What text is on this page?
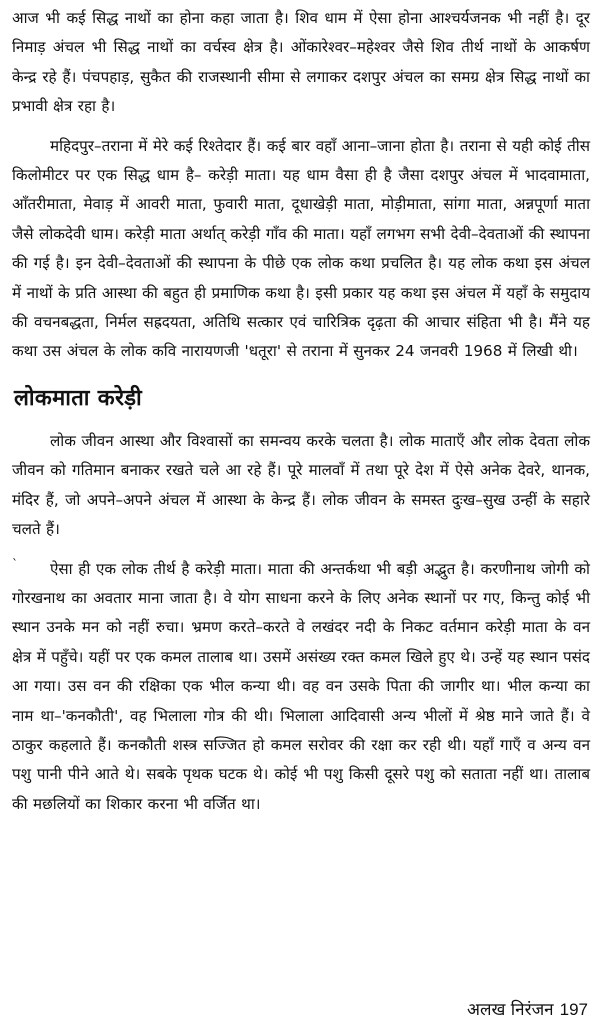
आज भी कई सिद्ध नाथों का होना कहा जाता है। शिव धाम में ऐसा होना आश्चर्यजनक भी नहीं है। दूर निमाड़ अंचल भी सिद्ध नाथों का वर्चस्व क्षेत्र है। ओंकारेश्वर–महेश्वर जैसे शिव तीर्थ नाथों के आकर्षण केन्द्र रहे हैं। पंचपहाड़, सुकैत की राजस्थानी सीमा से लगाकर दशपुर अंचल का समग्र क्षेत्र सिद्ध नाथों का प्रभावी क्षेत्र रहा है।

महिदपुर–तराना में मेरे कई रिश्तेदार हैं। कई बार वहाँ आना–जाना होता है। तराना से यही कोई तीस किलोमीटर पर एक सिद्ध धाम है– करेड़ी माता। यह धाम वैसा ही है जैसा दशपुर अंचल में भादवामाता, ऑंतरीमाता, मेवाड़ में आवरी माता, फुवारी माता, दूधाखेड़ी माता, मोड़ीमाता, सांगा माता, अन्नपूर्णा माता जैसे लोकदेवी धाम। करेड़ी माता अर्थात् करेड़ी गाँव की माता। यहाँ लगभग सभी देवी–देवताओं की स्थापना की गई है। इन देवी–देवताओं की स्थापना के पीछे एक लोक कथा प्रचलित है। यह लोक कथा इस अंचल में नाथों के प्रति आस्था की बहुत ही प्रमाणिक कथा है। इसी प्रकार यह कथा इस अंचल में यहाँ के समुदाय की वचनबद्धता, निर्मल सह्रदयता, अतिथि सत्कार एवं चारित्रिक दृढ़ता की आचार संहिता भी है। मैंने यह कथा उस अंचल के लोक कवि नारायणजी 'धतूरा' से तराना में सुनकर 24 जनवरी 1968 में लिखी थी।

लोकमाता करेड़ी

लोक जीवन आस्था और विश्वासों का समन्वय करके चलता है। लोक माताएँ और लोक देवता लोक जीवन को गतिमान बनाकर रखते चले आ रहे हैं। पूरे मालवाँ में तथा पूरे देश में ऐसे अनेक देवरे, थानक, मंदिर हैं, जो अपने–अपने अंचल में आस्था के केन्द्र हैं। लोक जीवन के समस्त दुःख–सुख उन्हीं के सहारे चलते हैं।

` ऐसा ही एक लोक तीर्थ है करेड़ी माता। माता की अन्तर्कथा भी बड़ी अद्भुत है। करणीनाथ जोगी को गोरखनाथ का अवतार माना जाता है। वे योग साधना करने के लिए अनेक स्थानों पर गए, किन्तु कोई भी स्थान उनके मन को नहीं रुचा। भ्रमण करते–करते वे लखंदर नदी के निकट वर्तमान करेड़ी माता के वन क्षेत्र में पहुँचे। यहीं पर एक कमल तालाब था। उसमें असंख्य रक्त कमल खिले हुए थे। उन्हें यह स्थान पसंद आ गया। उस वन की रक्षिका एक भील कन्या थी। वह वन उसके पिता की जागीर था। भील कन्या का नाम था–'कनकौती', वह भिलाला गोत्र की थी। भिलाला आदिवासी अन्य भीलों में श्रेष्ठ माने जाते हैं। वे ठाकुर कहलाते हैं। कनकौती शस्त्र सज्जित हो कमल सरोवर की रक्षा कर रही थी। यहाँ गाएँ व अन्य वन पशु पानी पीने आते थे। सबके पृथक घटक थे। कोई भी पशु किसी दूसरे पशु को सताता नहीं था। तालाब की मछलियों का शिकार करना भी वर्जित था।

अलख निरंजन 197
